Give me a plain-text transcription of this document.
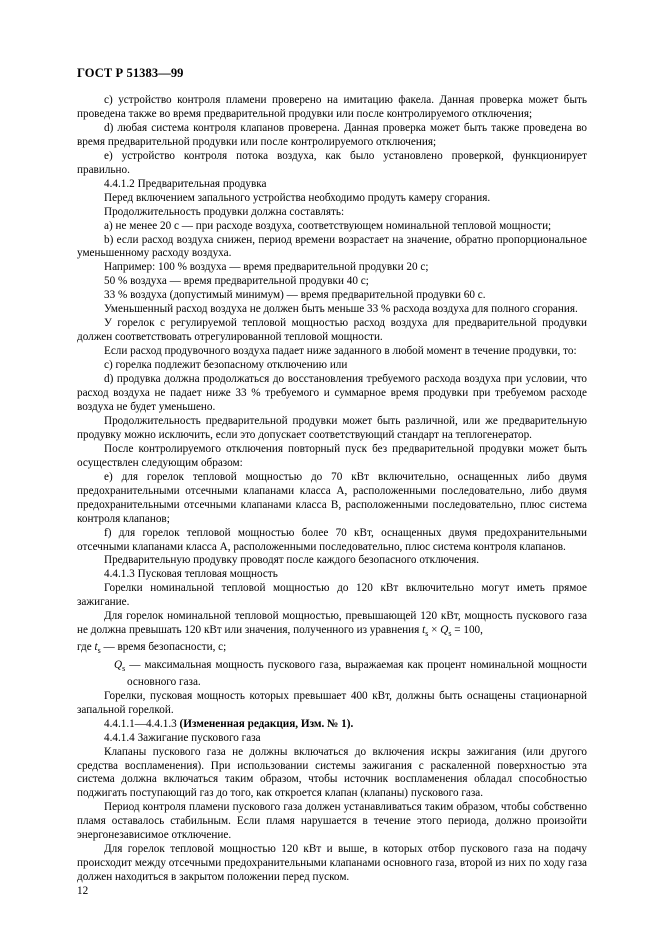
ГОСТ Р 51383—99

с) устройство контроля пламени проверено на имитацию факела. Данная проверка может быть проведена также во время предварительной продувки или после контролируемого отключения;

d) любая система контроля клапанов проверена. Данная проверка может быть также проведена во время предварительной продувки или после контролируемого отключения;

е) устройство контроля потока воздуха, как было установлено проверкой, функционирует правильно.

4.4.1.2 Предварительная продувка

Перед включением запального устройства необходимо продуть камеру сгорания.

Продолжительность продувки должна составлять:

а) не менее 20 с — при расходе воздуха, соответствующем номинальной тепловой мощности;

b) если расход воздуха снижен, период времени возрастает на значение, обратно пропорциональное уменьшенному расходу воздуха.

Например: 100 % воздуха — время предварительной продувки 20 с;

50 % воздуха — время предварительной продувки 40 с;

33 % воздуха (допустимый минимум) — время предварительной продувки 60 с.

Уменьшенный расход воздуха не должен быть меньше 33 % расхода воздуха для полного сгорания.

У горелок с регулируемой тепловой мощностью расход воздуха для предварительной продувки должен соответствовать отрегулированной тепловой мощности.

Если расход продувочного воздуха падает ниже заданного в любой момент в течение продувки, то:

с) горелка подлежит безопасному отключению или

d) продувка должна продолжаться до восстановления требуемого расхода воздуха при условии, что расход воздуха не падает ниже 33 % требуемого и суммарное время продувки при требуемом расходе воздуха не будет уменьшено.

Продолжительность предварительной продувки может быть различной, или же предварительную продувку можно исключить, если это допускает соответствующий стандарт на теплогенератор.

После контролируемого отключения повторный пуск без предварительной продувки может быть осуществлен следующим образом:

е) для горелок тепловой мощностью до 70 кВт включительно, оснащенных либо двумя предохранительными отсечными клапанами класса А, расположенными последовательно, либо двумя предохранительными отсечными клапанами класса В, расположенными последовательно, плюс система контроля клапанов;

f) для горелок тепловой мощностью более 70 кВт, оснащенных двумя предохранительными отсечными клапанами класса А, расположенными последовательно, плюс система контроля клапанов.

Предварительную продувку проводят после каждого безопасного отключения.

4.4.1.3 Пусковая тепловая мощность

Горелки номинальной тепловой мощностью до 120 кВт включительно могут иметь прямое зажигание.

Для горелок номинальной тепловой мощностью, превышающей 120 кВт, мощность пускового газа не должна превышать 120 кВт или значения, полученного из уравнения $t_s \times Q_s = 100$,

где $t_s$ — время безопасности, с;

$Q_s$ — максимальная мощность пускового газа, выражаемая как процент номинальной мощности основного газа.

Горелки, пусковая мощность которых превышает 400 кВт, должны быть оснащены стационарной запальной горелкой.

4.4.1.1—4.4.1.3 (Измененная редакция, Изм. № 1).

4.4.1.4 Зажигание пускового газа

Клапаны пускового газа не должны включаться до включения искры зажигания (или другого средства воспламенения). При использовании системы зажигания с раскаленной поверхностью эта система должна включаться таким образом, чтобы источник воспламенения обладал способностью поджигать поступающий газ до того, как откроется клапан (клапаны) пускового газа.

Период контроля пламени пускового газа должен устанавливаться таким образом, чтобы собственно пламя оставалось стабильным. Если пламя нарушается в течение этого периода, должно произойти энергонезависимое отключение.

Для горелок тепловой мощностью 120 кВт и выше, в которых отбор пускового газа на подачу происходит между отсечными предохранительными клапанами основного газа, второй из них по ходу газа должен находиться в закрытом положении перед пуском.

12
